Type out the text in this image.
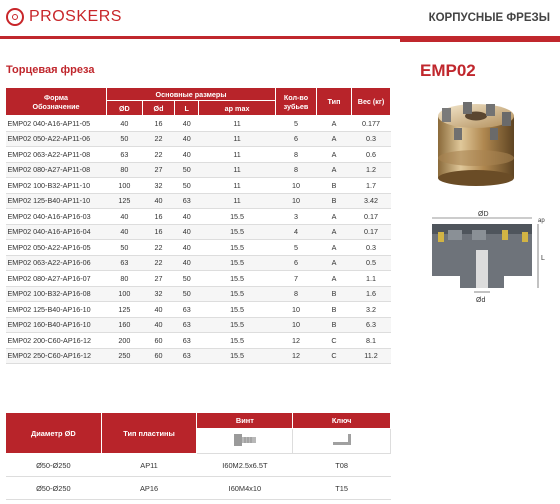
PROSKERS	КОРПУСНЫЕ ФРЕЗЫ
Торцевая фреза	EMP02
Форма
Обозначение	Основные размеры				Кол-во зубьев	Тип	Вес (кг)
	ØD	Ød	L	ap max			
EMP02 040-A16-AP11-05	40	16	40	11	5	A	0.177
EMP02 050-A22-AP11-06	50	22	40	11	6	A	0.3
EMP02 063-A22-AP11-08	63	22	40	11	8	A	0.6
EMP02 080-A27-AP11-08	80	27	50	11	8	A	1.2
EMP02 100-B32-AP11-10	100	32	50	11	10	B	1.7
EMP02 125-B40-AP11-10	125	40	63	11	10	B	3.42
EMP02 040-A16-AP16-03	40	16	40	15.5	3	A	0.17
EMP02 040-A16-AP16-04	40	16	40	15.5	4	A	0.17
EMP02 050-A22-AP16-05	50	22	40	15.5	5	A	0.3
EMP02 063-A22-AP16-06	63	22	40	15.5	6	A	0.5
EMP02 080-A27-AP16-07	80	27	50	15.5	7	A	1.1
EMP02 100-B32-AP16-08	100	32	50	15.5	8	B	1.6
EMP02 125-B40-AP16-10	125	40	63	15.5	10	B	3.2
EMP02 160-B40-AP16-10	160	40	63	15.5	10	B	6.3
EMP02 200-C60-AP16-12	200	60	63	15.5	12	C	8.1
EMP02 250-C60-AP16-12	250	60	63	15.5	12	C	11.2
ØD
ap
L
Ød
Диаметр ØD	Тип пластины	Винт	Ключ

Ø50-Ø250	AP11	I60M2.5x6.5T	T08
Ø50-Ø250	AP16	I60M4x10	T15
